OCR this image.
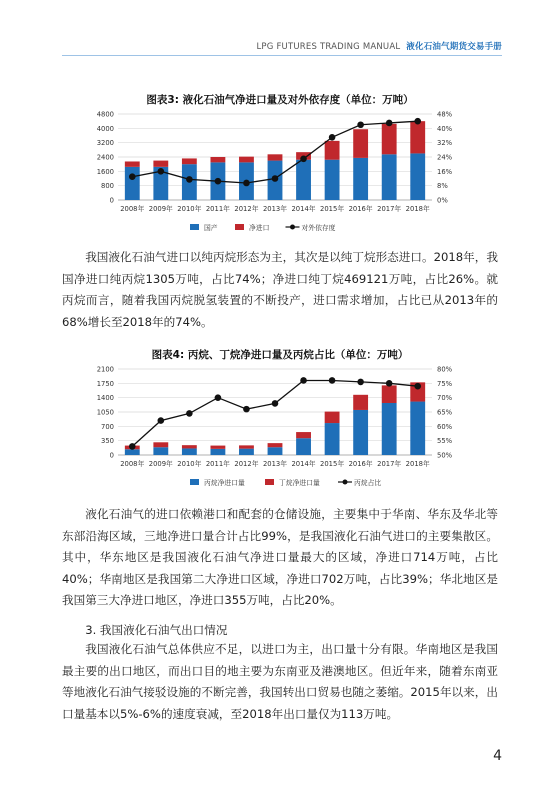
LPG FUTURES TRADING MANUAL 液化石油气期货交易手册
图表3: 液化石油气净进口量及对外依存度（单位：万吨）
0
800
1600
2400
3200
4000
4800
0%
8%
16%
24%
32%
40%
48%
2008年 2009年 2010年 2011年 2012年 2013年 2014年 2015年 2016年 2017年 2018年
国产	净进口	对外依存度

我国液化石油气进口以纯丙烷形态为主，其次是以纯丁烷形态进口。2018年，我国净进口纯丙烷1305万吨，占比74%；净进口纯丁烷469121万吨，占比26%。就丙烷而言，随着我国丙烷脱氢装置的不断投产，进口需求增加，占比已从2013年的68%增长至2018年的74%。

图表4: 丙烷、丁烷净进口量及丙烷占比（单位：万吨）
0
350
700
1050
1400
1750
2100
50%
55%
60%
65%
70%
75%
80%
2008年 2009年 2010年 2011年 2012年 2013年 2014年 2015年 2016年 2017年 2018年
丙烷净进口量	丁烷净进口量	丙烷占比

液化石油气的进口依赖港口和配套的仓储设施，主要集中于华南、华东及华北等东部沿海区域，三地净进口量合计占比99%，是我国液化石油气进口的主要集散区。其中，华东地区是我国液化石油气净进口量最大的区域，净进口714万吨，占比40%；华南地区是我国第二大净进口区域，净进口702万吨，占比39%；华北地区是我国第三大净进口地区，净进口355万吨，占比20%。

3. 我国液化石油气出口情况

我国液化石油气总体供应不足，以进口为主，出口量十分有限。华南地区是我国最主要的出口地区，而出口目的地主要为东南亚及港澳地区。但近年来，随着东南亚等地液化石油气接驳设施的不断完善，我国转出口贸易也随之萎缩。2015年以来，出口量基本以5%-6%的速度衰减，至2018年出口量仅为113万吨。

4
